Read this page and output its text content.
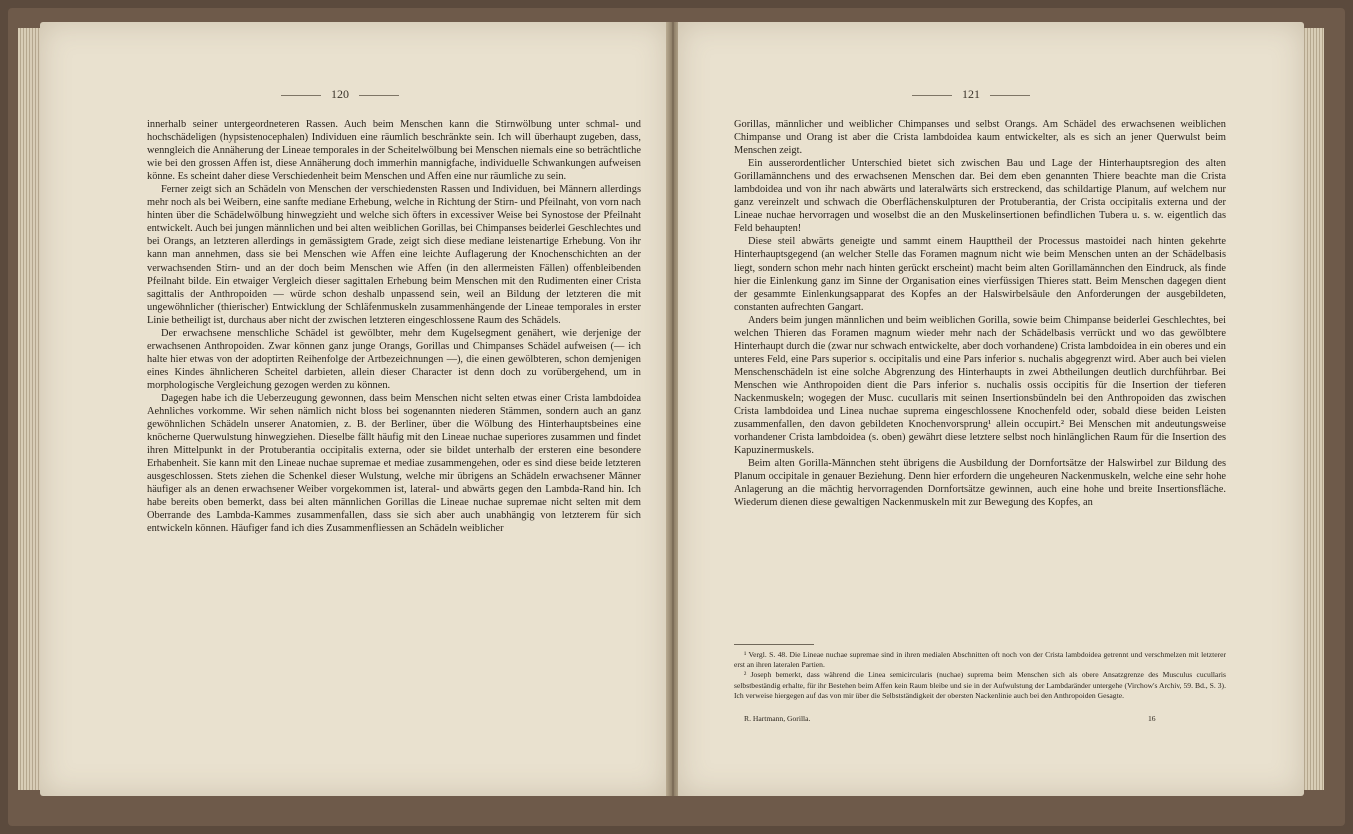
120

innerhalb seiner untergeordneteren Rassen. Auch beim Menschen kann die Stirnwölbung unter schmal- und hochschädeligen (hypsistenocephalen) Individuen eine räumlich beschränkte sein. Ich will überhaupt zugeben, dass, wenngleich die Annäherung der Lineae temporales in der Scheitelwölbung bei Menschen niemals eine so beträchtliche wie bei den grossen Affen ist, diese Annäherung doch immerhin mannigfache, individuelle Schwankungen aufweisen könne. Es scheint daher diese Verschiedenheit beim Menschen und Affen eine nur räumliche zu sein.

Ferner zeigt sich an Schädeln von Menschen der verschiedensten Rassen und Individuen, bei Männern allerdings mehr noch als bei Weibern, eine sanfte mediane Erhebung, welche in Richtung der Stirn- und Pfeilnaht, von vorn nach hinten über die Schädelwölbung hinwegzieht und welche sich öfters in excessiver Weise bei Synostose der Pfeilnaht entwickelt. Auch bei jungen männlichen und bei alten weiblichen Gorillas, bei Chimpanses beiderlei Geschlechtes und bei Orangs, an letzteren allerdings in gemässigtem Grade, zeigt sich diese mediane leistenartige Erhebung. Von ihr kann man annehmen, dass sie bei Menschen wie Affen eine leichte Auflagerung der Knochenschichten an der verwachsenden Stirn- und an der doch beim Menschen wie Affen (in den allermeisten Fällen) offenbleibenden Pfeilnaht bilde. Ein etwaiger Vergleich dieser sagittalen Erhebung beim Menschen mit den Rudimenten einer Crista sagittalis der Anthropoiden — würde schon deshalb unpassend sein, weil an Bildung der letzteren die mit ungewöhnlicher (thierischer) Entwicklung der Schläfenmuskeln zusammenhängende der Lineae temporales in erster Linie betheiligt ist, durchaus aber nicht der zwischen letzteren eingeschlossene Raum des Schädels.

Der erwachsene menschliche Schädel ist gewölbter, mehr dem Kugelsegment genähert, wie derjenige der erwachsenen Anthropoiden. Zwar können ganz junge Orangs, Gorillas und Chimpanses Schädel aufweisen (— ich halte hier etwas von der adoptirten Reihenfolge der Artbezeichnungen —), die einen gewölbteren, schon demjenigen eines Kindes ähnlicheren Scheitel darbieten, allein dieser Character ist denn doch zu vorübergehend, um in morphologische Vergleichung gezogen werden zu können.

Dagegen habe ich die Ueberzeugung gewonnen, dass beim Menschen nicht selten etwas einer Crista lambdoidea Aehnliches vorkomme. Wir sehen nämlich nicht bloss bei sogenannten niederen Stämmen, sondern auch an ganz gewöhnlichen Schädeln unserer Anatomien, z. B. der Berliner, über die Wölbung des Hinterhauptsbeines eine knöcherne Querwulstung hinwegziehen. Dieselbe fällt häufig mit den Lineae nuchae superiores zusammen und findet ihren Mittelpunkt in der Protuberantia occipitalis externa, oder sie bildet unterhalb der ersteren eine besondere Erhabenheit. Sie kann mit den Lineae nuchae supremae et mediae zusammengehen, oder es sind diese beide letzteren ausgeschlossen. Stets ziehen die Schenkel dieser Wulstung, welche mir übrigens an Schädeln erwachsener Männer häufiger als an denen erwachsener Weiber vorgekommen ist, lateral- und abwärts gegen den Lambda-Rand hin. Ich habe bereits oben bemerkt, dass bei alten männlichen Gorillas die Lineae nuchae supremae nicht selten mit dem Oberrande des Lambda-Kammes zusammenfallen, dass sie sich aber auch unabhängig von letzterem für sich entwickeln können. Häufiger fand ich dies Zusammenfliessen an Schädeln weiblicher

121

Gorillas, männlicher und weiblicher Chimpanses und selbst Orangs. Am Schädel des erwachsenen weiblichen Chimpanse und Orang ist aber die Crista lambdoidea kaum entwickelter, als es sich an jener Querwulst beim Menschen zeigt.

Ein ausserordentlicher Unterschied bietet sich zwischen Bau und Lage der Hinterhauptsregion des alten Gorillamännchens und des erwachsenen Menschen dar. Bei dem eben genannten Thiere beachte man die Crista lambdoidea und von ihr nach abwärts und lateralwärts sich erstreckend, das schildartige Planum, auf welchem nur ganz vereinzelt und schwach die Oberflächenskulpturen der Protuberantia, der Crista occipitalis externa und der Lineae nuchae hervorragen und woselbst die an den Muskelinsertionen befindlichen Tubera u. s. w. eigentlich das Feld behaupten!

Diese steil abwärts geneigte und sammt einem Haupttheil der Processus mastoidei nach hinten gekehrte Hinterhauptsgegend (an welcher Stelle das Foramen magnum nicht wie beim Menschen unten an der Schädelbasis liegt, sondern schon mehr nach hinten gerückt erscheint) macht beim alten Gorillamännchen den Eindruck, als finde hier die Einlenkung ganz im Sinne der Organisation eines vierfüssigen Thieres statt. Beim Menschen dagegen dient der gesammte Einlenkungsapparat des Kopfes an der Halswirbelsäule den Anforderungen der ausgebildeten, constanten aufrechten Gangart.

Anders beim jungen männlichen und beim weiblichen Gorilla, sowie beim Chimpanse beiderlei Geschlechtes, bei welchen Thieren das Foramen magnum wieder mehr nach der Schädelbasis verrückt und wo das gewölbtere Hinterhaupt durch die (zwar nur schwach entwickelte, aber doch vorhandene) Crista lambdoidea in ein oberes und ein unteres Feld, eine Pars superior s. occipitalis und eine Pars inferior s. nuchalis abgegrenzt wird. Aber auch bei vielen Menschenschädeln ist eine solche Abgrenzung des Hinterhaupts in zwei Abtheilungen deutlich durchführbar. Bei Menschen wie Anthropoiden dient die Pars inferior s. nuchalis ossis occipitis für die Insertion der tieferen Nackenmuskeln; wogegen der Musc. cucullaris mit seinen Insertionsbündeln bei den Anthropoiden das zwischen Crista lambdoidea und Linea nuchae suprema eingeschlossene Knochenfeld oder, sobald diese beiden Leisten zusammenfallen, den davon gebildeten Knochenvorsprung¹ allein occupirt.² Bei Menschen mit andeutungsweise vorhandener Crista lambdoidea (s. oben) gewährt diese letztere selbst noch hinlänglichen Raum für die Insertion des Kapuzinermuskels.

Beim alten Gorilla-Männchen steht übrigens die Ausbildung der Dornfortsätze der Halswirbel zur Bildung des Planum occipitale in genauer Beziehung. Denn hier erfordern die ungeheuren Nackenmuskeln, welche eine sehr hohe Anlagerung an die mächtig hervorragenden Dornfortsätze gewinnen, auch eine hohe und breite Insertionsfläche. Wiederum dienen diese gewaltigen Nackenmuskeln mit zur Bewegung des Kopfes, an

¹ Vergl. S. 48. Die Lineae nuchae supremae sind in ihren medialen Abschnitten oft noch von der Crista lambdoidea getrennt und verschmelzen mit letzterer erst an ihren lateralen Partien.

² Joseph bemerkt, dass während die Linea semicircularis (nuchae) suprema beim Menschen sich als obere Ansatzgrenze des Musculus cucullaris selbstbeständig erhalte, für ihr Bestehen beim Affen kein Raum bleibe und sie in der Aufwulstung der Lambdaränder untergehe (Virchow's Archiv, 59. Bd., S. 3). Ich verweise hiergegen auf das von mir über die Selbstständigkeit der obersten Nackenlinie auch bei den Anthropoiden Gesagte.

R. Hartmann, Gorilla.	16
